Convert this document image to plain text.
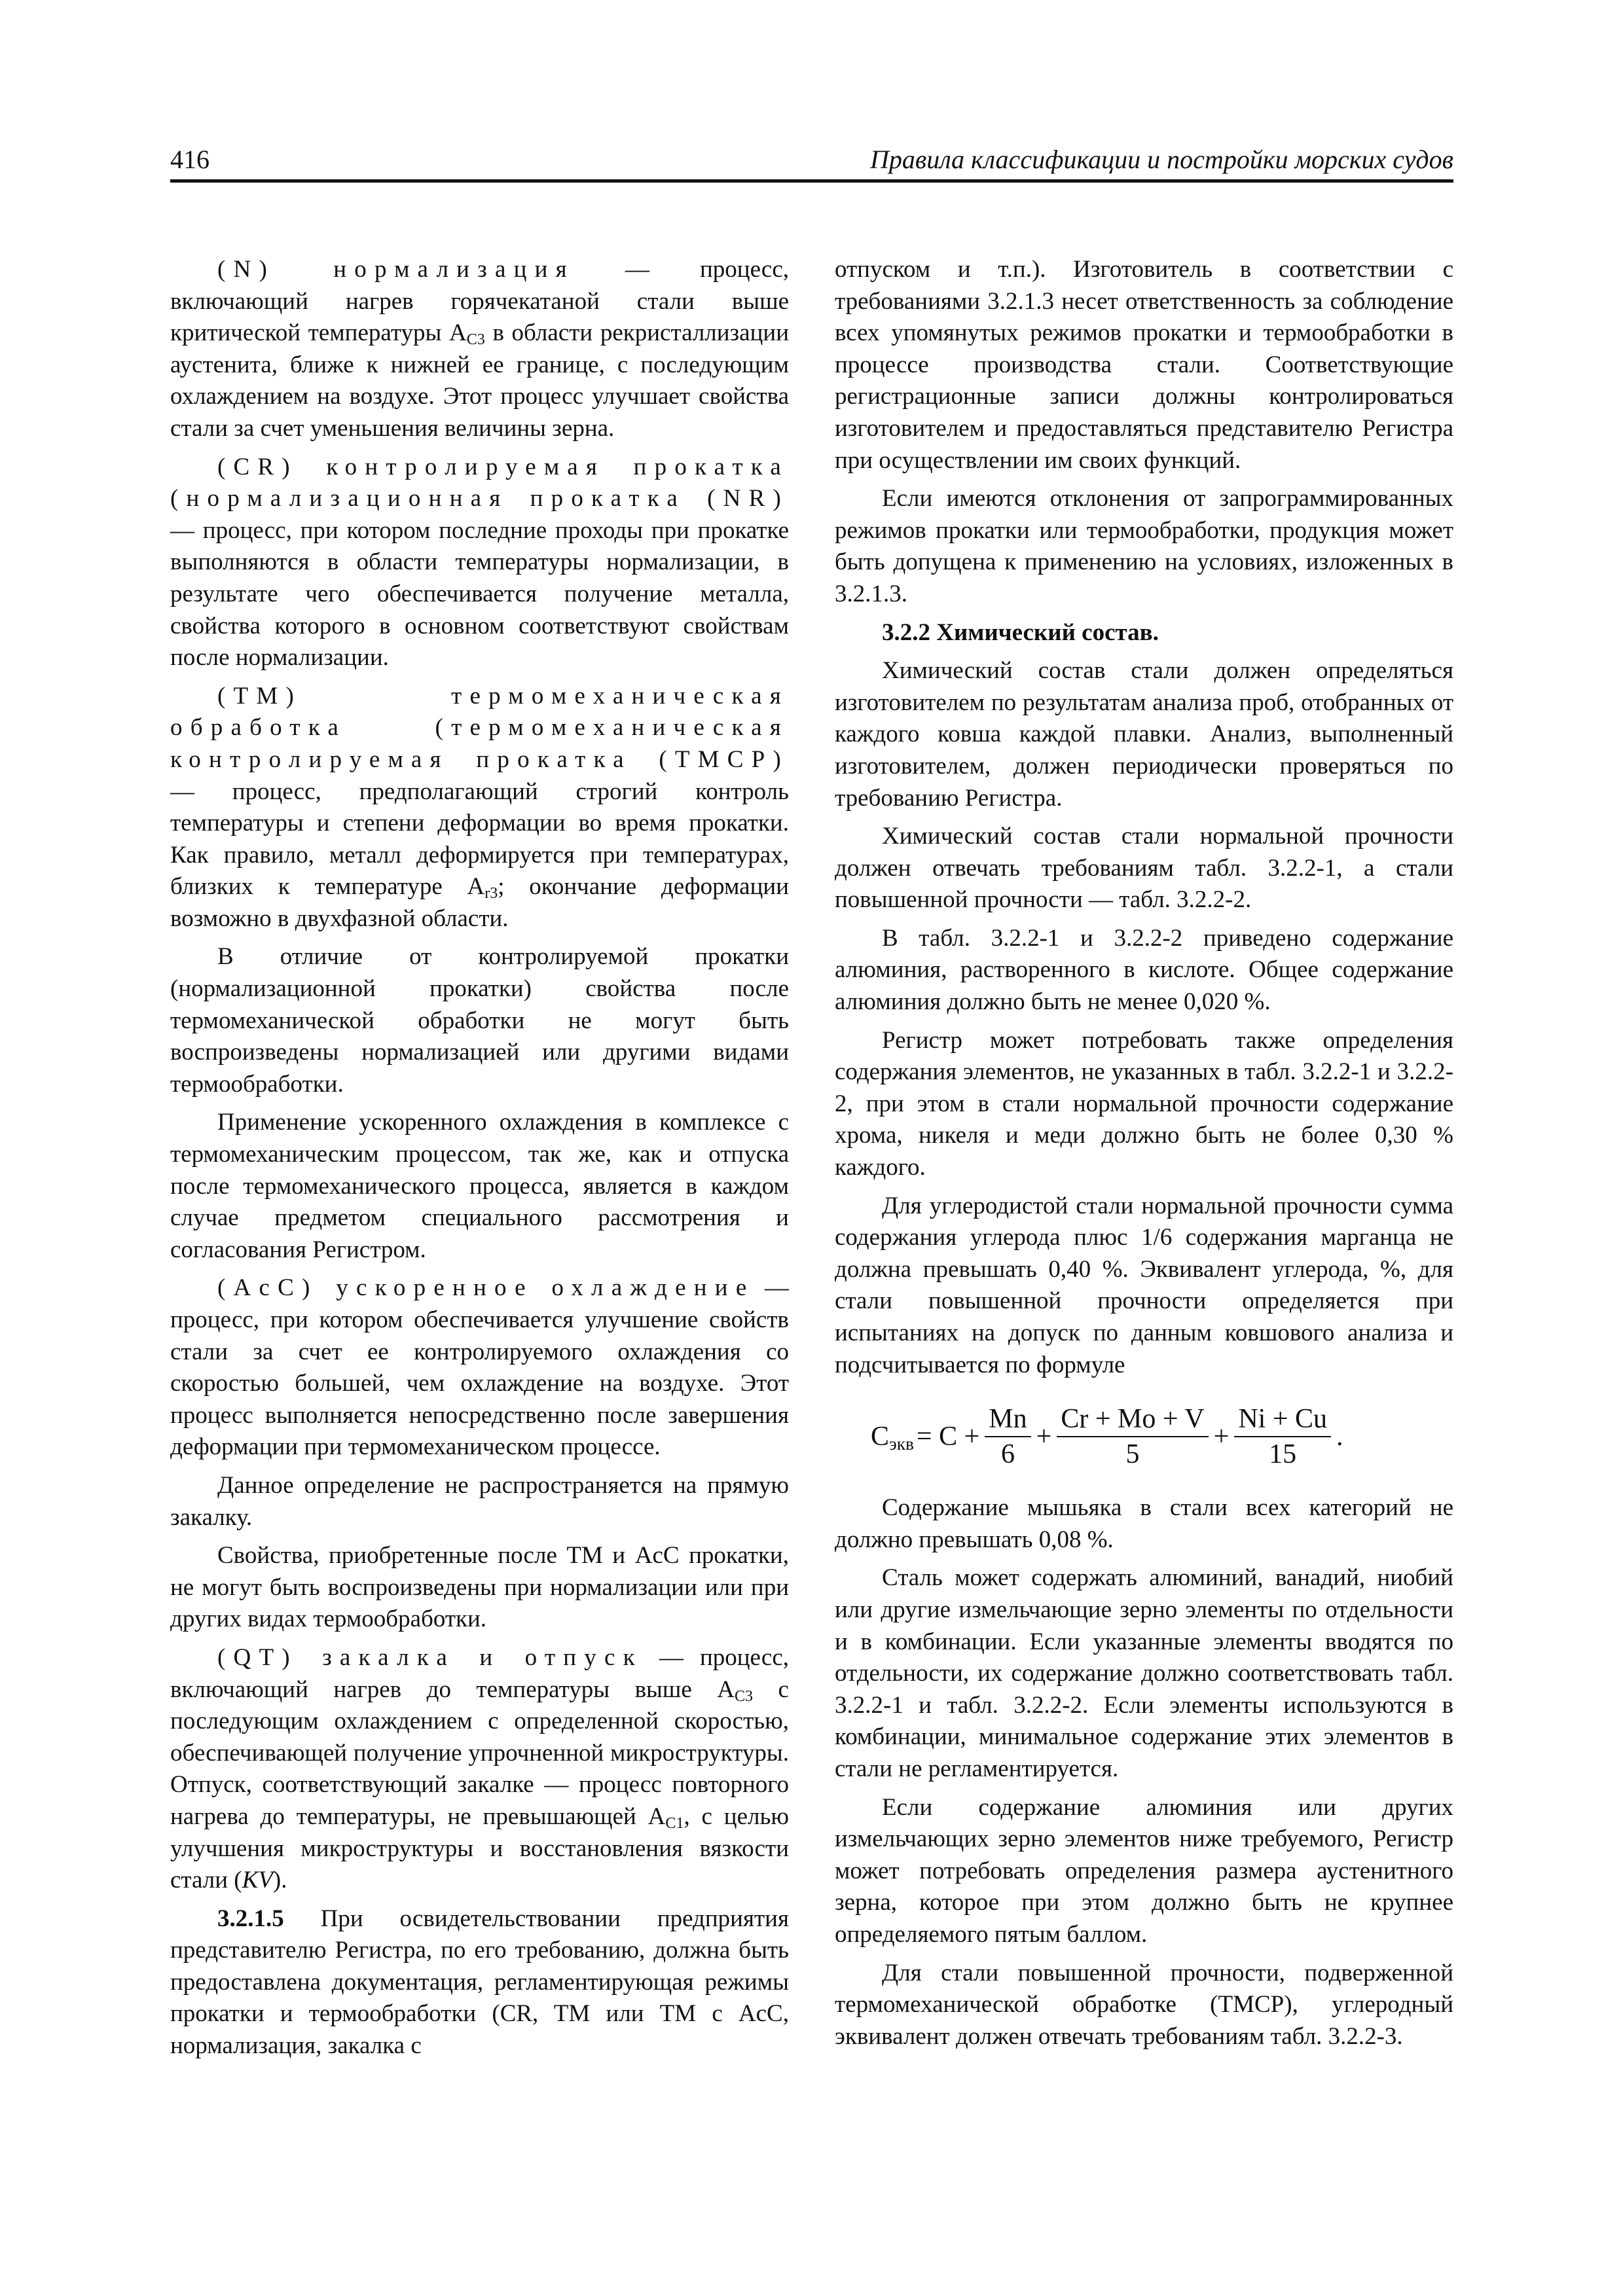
416	Правила классификации и постройки морских судов

(N) нормализация — процесс, включающий нагрев горячекатаной стали выше критической температуры $A_{C3}$ в области рекристаллизации аустенита, ближе к нижней ее границе, с последующим охлаждением на воздухе. Этот процесс улучшает свойства стали за счет уменьшения величины зерна.

(CR) контролируемая прокатка (нормализационная прокатка (NR) — процесс, при котором последние проходы при прокатке выполняются в области температуры нормализации, в результате чего обеспечивается получение металла, свойства которого в основном соответствуют свойствам после нормализации.

(TM) термомеханическая обработка (термомеханическая контролируемая прокатка (TMCP) — процесс, предполагающий строгий контроль температуры и степени деформации во время прокатки. Как правило, металл деформируется при температурах, близких к температуре $A_{r3}$; окончание деформации возможно в двухфазной области.

В отличие от контролируемой прокатки (нормализационной прокатки) свойства после термомеханической обработки не могут быть воспроизведены нормализацией или другими видами термообработки.

Применение ускоренного охлаждения в комплексе с термомеханическим процессом, так же, как и отпуска после термомеханического процесса, является в каждом случае предметом специального рассмотрения и согласования Регистром.

(AcC) ускоренное охлаждение — процесс, при котором обеспечивается улучшение свойств стали за счет ее контролируемого охлаждения со скоростью большей, чем охлаждение на воздухе. Этот процесс выполняется непосредственно после завершения деформации при термомеханическом процессе.

Данное определение не распространяется на прямую закалку.

Свойства, приобретенные после TM и AcC прокатки, не могут быть воспроизведены при нормализации или при других видах термообработки.

(QT) закалка и отпуск — процесс, включающий нагрев до температуры выше $A_{C3}$ с последующим охлаждением с определенной скоростью, обеспечивающей получение упрочненной микроструктуры. Отпуск, соответствующий закалке — процесс повторного нагрева до температуры, не превышающей $A_{C1}$, с целью улучшения микроструктуры и восстановления вязкости стали (KV).

3.2.1.5 При освидетельствовании предприятия представителю Регистра, по его требованию, должна быть предоставлена документация, регламентирующая режимы прокатки и термообработки (CR, TM или TM с AcC, нормализация, закалка с

отпуском и т.п.). Изготовитель в соответствии с требованиями 3.2.1.3 несет ответственность за соблюдение всех упомянутых режимов прокатки и термообработки в процессе производства стали. Соответствующие регистрационные записи должны контролироваться изготовителем и предоставляться представителю Регистра при осуществлении им своих функций.

Если имеются отклонения от запрограммированных режимов прокатки или термообработки, продукция может быть допущена к применению на условиях, изложенных в 3.2.1.3.

3.2.2 Химический состав.

Химический состав стали должен определяться изготовителем по результатам анализа проб, отобранных от каждого ковша каждой плавки. Анализ, выполненный изготовителем, должен периодически проверяться по требованию Регистра.

Химический состав стали нормальной прочности должен отвечать требованиям табл. 3.2.2-1, а стали повышенной прочности — табл. 3.2.2-2.

В табл. 3.2.2-1 и 3.2.2-2 приведено содержание алюминия, растворенного в кислоте. Общее содержание алюминия должно быть не менее 0,020 %.

Регистр может потребовать также определения содержания элементов, не указанных в табл. 3.2.2-1 и 3.2.2-2, при этом в стали нормальной прочности содержание хрома, никеля и меди должно быть не более 0,30 % каждого.

Для углеродистой стали нормальной прочности сумма содержания углерода плюс 1/6 содержания марганца не должна превышать 0,40 %. Эквивалент углерода, %, для стали повышенной прочности определяется при испытаниях на допуск по данным ковшового анализа и подсчитывается по формуле

$C_{экв} = C + \frac{Mn}{6} + \frac{Cr + Mo + V}{5} + \frac{Ni + Cu}{15}$ .

Содержание мышьяка в стали всех категорий не должно превышать 0,08 %.

Сталь может содержать алюминий, ванадий, ниобий или другие измельчающие зерно элементы по отдельности и в комбинации. Если указанные элементы вводятся по отдельности, их содержание должно соответствовать табл. 3.2.2-1 и табл. 3.2.2-2. Если элементы используются в комбинации, минимальное содержание этих элементов в стали не регламентируется.

Если содержание алюминия или других измельчающих зерно элементов ниже требуемого, Регистр может потребовать определения размера аустенитного зерна, которое при этом должно быть не крупнее определяемого пятым баллом.

Для стали повышенной прочности, подверженной термомеханической обработке (TMCP), углеродный эквивалент должен отвечать требованиям табл. 3.2.2-3.
